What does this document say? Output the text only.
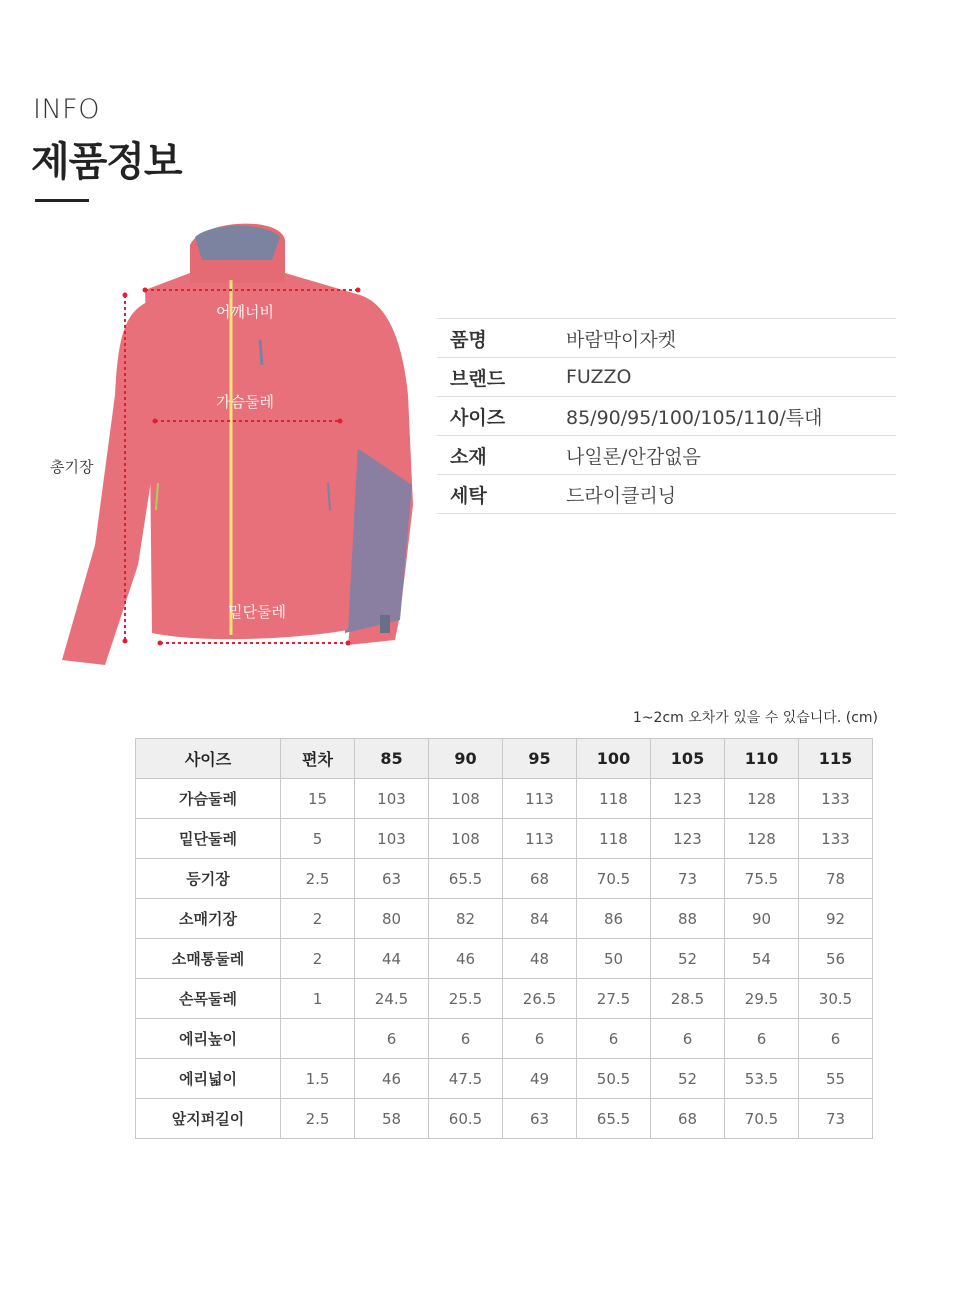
INFO
제품정보
어깨너비
가슴둘레
밑단둘레
총기장
품명	바람막이자켓
브랜드	FUZZO
사이즈	85/90/95/100/105/110/특대
소재	나일론/안감없음
세탁	드라이클리닝
1~2cm 오차가 있을 수 있습니다. (cm)
사이즈	편차	85	90	95	100	105	110	115
가슴둘레	15	103	108	113	118	123	128	133
밑단둘레	5	103	108	113	118	123	128	133
등기장	2.5	63	65.5	68	70.5	73	75.5	78
소매기장	2	80	82	84	86	88	90	92
소매통둘레	2	44	46	48	50	52	54	56
손목둘레	1	24.5	25.5	26.5	27.5	28.5	29.5	30.5
에리높이		6	6	6	6	6	6	6
에리넓이	1.5	46	47.5	49	50.5	52	53.5	55
앞지퍼길이	2.5	58	60.5	63	65.5	68	70.5	73
